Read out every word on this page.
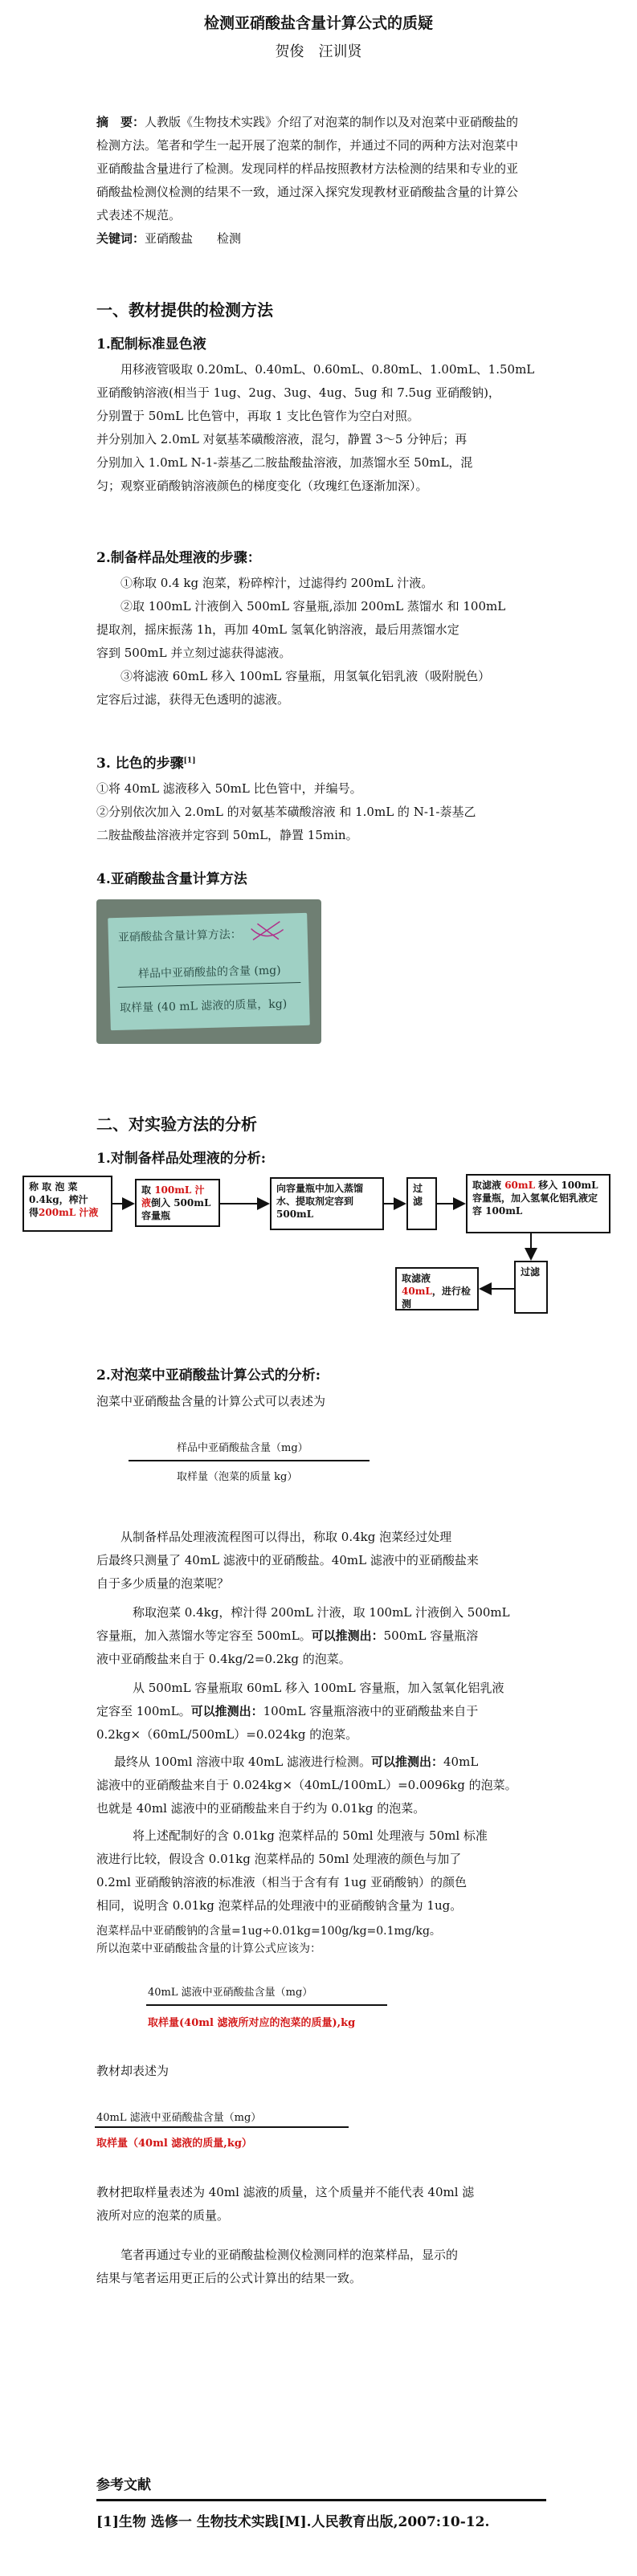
检测亚硝酸盐含量计算公式的质疑
贺俊　汪训贤
摘　要：人教版《生物技术实践》介绍了对泡菜的制作以及对泡菜中亚硝酸盐的
检测方法。笔者和学生一起开展了泡菜的制作，并通过不同的两种方法对泡菜中
亚硝酸盐含量进行了检测。发现同样的样品按照教材方法检测的结果和专业的亚
硝酸盐检测仪检测的结果不一致，通过深入探究发现教材亚硝酸盐含量的计算公
式表述不规范。
关键词：亚硝酸盐　　检测
一、教材提供的检测方法
1.配制标准显色液
用移液管吸取 0.20mL、0.40mL、0.60mL、0.80mL、1.00mL、1.50mL
亚硝酸钠溶液(相当于 1ug、2ug、3ug、4ug、5ug 和 7.5ug 亚硝酸钠)，
分别置于 50mL 比色管中，再取 1 支比色管作为空白对照。
并分别加入 2.0mL 对氨基苯磺酸溶液，混匀，静置 3～5 分钟后；再
分别加入 1.0mL N-1-萘基乙二胺盐酸盐溶液，加蒸馏水至 50mL，混
匀；观察亚硝酸钠溶液颜色的梯度变化（玫瑰红色逐渐加深）。
2.制备样品处理液的步骤：
①称取 0.4 kg 泡菜，粉碎榨汁，过滤得约 200mL 汁液。
②取 100mL 汁液倒入 500mL 容量瓶,添加 200mL 蒸馏水 和 100mL
提取剂，摇床振荡 1h，再加 40mL 氢氧化钠溶液，最后用蒸馏水定
容到 500mL 并立刻过滤获得滤液。
③将滤液 60mL 移入 100mL 容量瓶，用氢氧化铝乳液（吸附脱色）
定容后过滤，获得无色透明的滤液。
3. 比色的步骤[1]
①将 40mL 滤液移入 50mL 比色管中，并编号。
②分别依次加入 2.0mL 的对氨基苯磺酸溶液 和 1.0mL 的 N-1-萘基乙
二胺盐酸盐溶液并定容到 50mL，静置 15min。
4.亚硝酸盐含量计算方法
亚硝酸盐含量计算方法：
样品中亚硝酸盐的含量 (mg)
取样量 (40 mL 滤液的质量，kg)
二、对实验方法的分析
1.对制备样品处理液的分析:
称 取 泡 菜
0.4kg，榨汁
得200mL 汁液
取 100mL 汁液倒入 500mL 容量瓶
向容量瓶中加入蒸馏水、提取剂定容到 500mL
过滤
取滤液 60mL 移入 100mL 容量瓶，加入氢氧化铝乳液定容 100mL
过滤
取滤液 40mL，进行检测
2.对泡菜中亚硝酸盐计算公式的分析:
泡菜中亚硝酸盐含量的计算公式可以表述为
样品中亚硝酸盐含量（mg）
取样量（泡菜的质量 kg）
　　从制备样品处理液流程图可以得出，称取 0.4kg 泡菜经过处理
后最终只测量了 40mL 滤液中的亚硝酸盐。40mL 滤液中的亚硝酸盐来
自于多少质量的泡菜呢？
　称取泡菜 0.4kg，榨汁得 200mL 汁液，取 100mL 汁液倒入 500mL
容量瓶，加入蒸馏水等定容至 500mL。可以推测出：500mL 容量瓶溶
液中亚硝酸盐来自于 0.4kg/2=0.2kg 的泡菜。
　从 500mL 容量瓶取 60mL 移入 100mL 容量瓶，加入氢氧化铝乳液
定容至 100mL。可以推测出：100mL 容量瓶溶液中的亚硝酸盐来自于
0.2kg×（60mL/500mL）=0.024kg 的泡菜。
最终从 100ml 溶液中取 40mL 滤液进行检测。可以推测出：40mL
滤液中的亚硝酸盐来自于 0.024kg×（40mL/100mL）=0.0096kg 的泡菜。
也就是 40ml 滤液中的亚硝酸盐来自于约为 0.01kg 的泡菜。
　将上述配制好的含 0.01kg 泡菜样品的 50ml 处理液与 50ml 标准
液进行比较，假设含 0.01kg 泡菜样品的 50ml 处理液的颜色与加了
0.2ml 亚硝酸钠溶液的标准液（相当于含有有 1ug 亚硝酸钠）的颜色
相同，说明含 0.01kg 泡菜样品的处理液中的亚硝酸钠含量为 1ug。
泡菜样品中亚硝酸钠的含量=1ug÷0.01kg=100g/kg=0.1mg/kg。
所以泡菜中亚硝酸盐含量的计算公式应该为：
40mL 滤液中亚硝酸盐含量（mg）
取样量(40ml 滤液所对应的泡菜的质量),kg
教材却表述为
40mL 滤液中亚硝酸盐含量（mg）
取样量（40ml 滤液的质量,kg）
教材把取样量表述为 40ml 滤液的质量，这个质量并不能代表 40ml 滤
液所对应的泡菜的质量。
　　笔者再通过专业的亚硝酸盐检测仪检测同样的泡菜样品，显示的
结果与笔者运用更正后的公式计算出的结果一致。
参考文献
[1]生物 选修一 生物技术实践[M].人民教育出版,2007:10-12.
